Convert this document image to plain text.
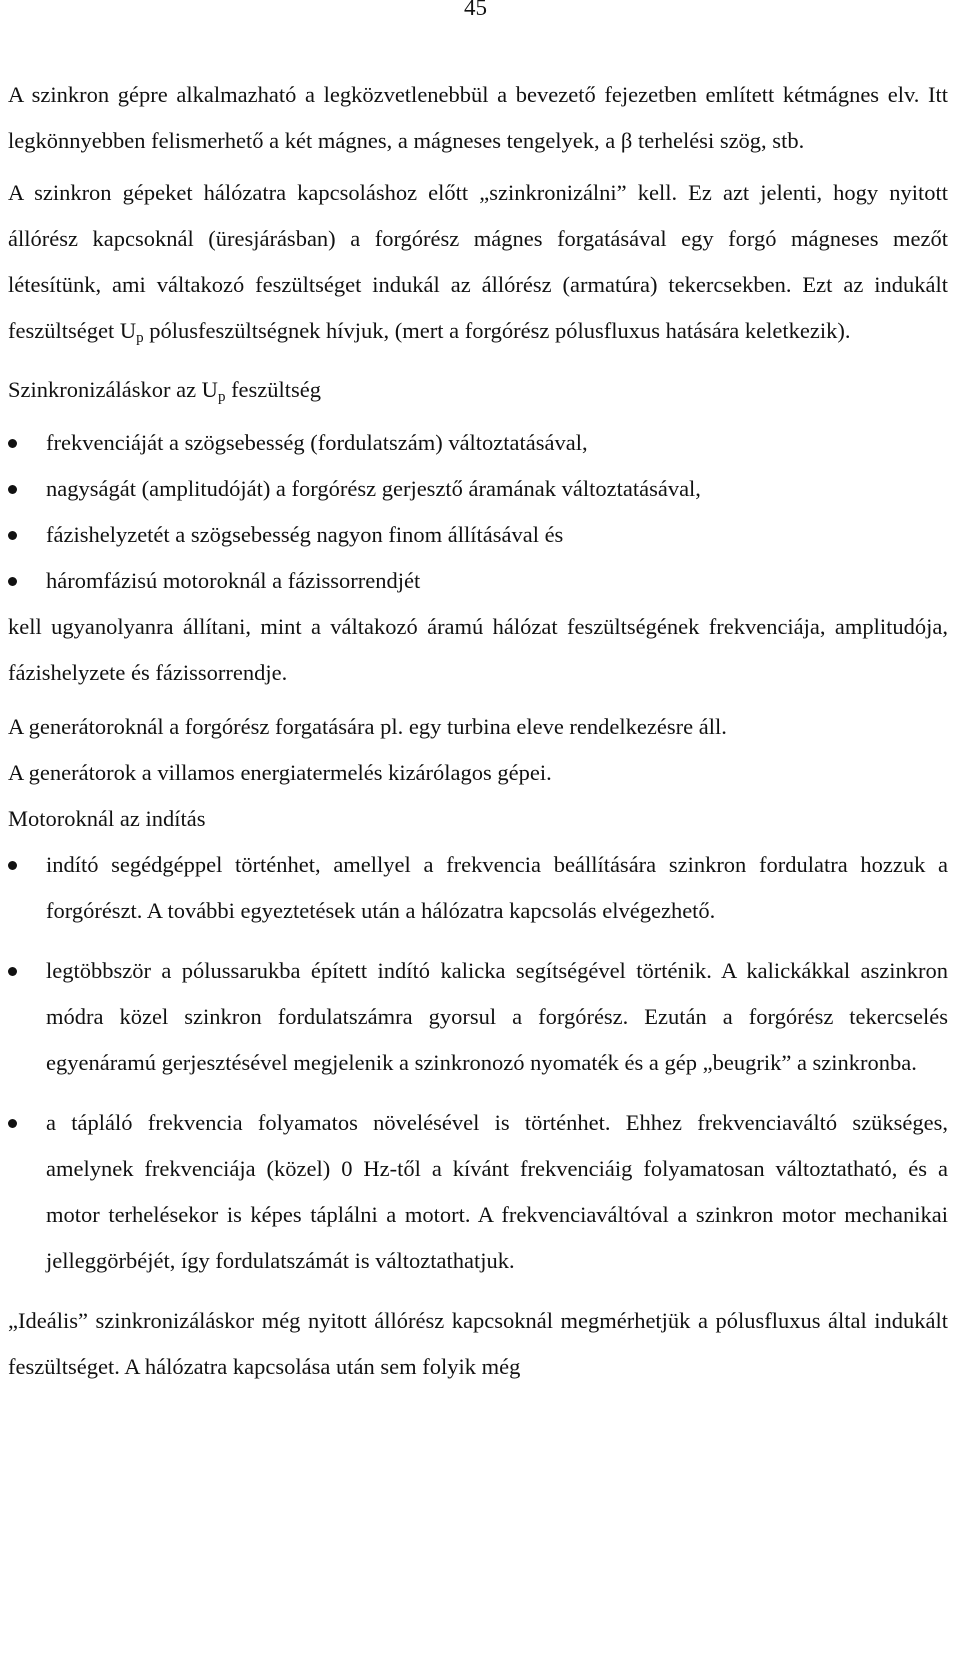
45

A szinkron gépre alkalmazható a legközvetlenebbül a bevezető fejezetben említett kétmágnes elv. Itt legkönnyebben felismerhető a két mágnes, a mágneses tengelyek, a β terhelési szög, stb.

A szinkron gépeket hálózatra kapcsoláshoz előtt „szinkronizálni” kell. Ez azt jelenti, hogy nyitott állórész kapcsoknál (üresjárásban) a forgórész mágnes forgatásával egy forgó mágneses mezőt létesítünk, ami váltakozó feszültséget indukál az állórész (armatúra) tekercsekben. Ezt az indukált feszültséget $U_p$ pólusfeszültségnek hívjuk, (mert a forgórész pólusfluxus hatására keletkezik).

Szinkronizáláskor az $U_p$ feszültség

frekvenciáját a szögsebesség (fordulatszám) változtatásával,
nagyságát (amplitudóját) a forgórész gerjesztő áramának változtatásával,
fázishelyzetét a szögsebesség nagyon finom állításával és
háromfázisú motoroknál a fázissorrendjét

kell ugyanolyanra állítani, mint a váltakozó áramú hálózat feszültségének frekvenciája, amplitudója, fázishelyzete és fázissorrendje.

A generátoroknál a forgórész forgatására pl. egy turbina eleve rendelkezésre áll.

A generátorok a villamos energiatermelés kizárólagos gépei.

Motoroknál az indítás

indító segédgéppel történhet, amellyel a frekvencia beállítására szinkron fordulatra hozzuk a forgórészt. A további egyeztetések után a hálózatra kapcsolás elvégezhető.
legtöbbször a pólussarukba épített indító kalicka segítségével történik. A kalickákkal aszinkron módra közel szinkron fordulatszámra gyorsul a forgórész. Ezután a forgórész tekercselés egyenáramú gerjesztésével megjelenik a szinkronozó nyomaték és a gép „beugrik” a szinkronba.
a tápláló frekvencia folyamatos növelésével is történhet. Ehhez frekvenciaváltó szükséges, amelynek frekvenciája (közel) 0 Hz-től a kívánt frekvenciáig folyamatosan változtatható, és a motor terhelésekor is képes táplálni a motort. A frekvenciaváltóval a szinkron motor mechanikai jelleggörbéjét, így fordulatszámát is változtathatjuk.

„Ideális” szinkronizáláskor még nyitott állórész kapcsoknál megmérhetjük a pólusfluxus által indukált feszültséget. A hálózatra kapcsolása után sem folyik még
